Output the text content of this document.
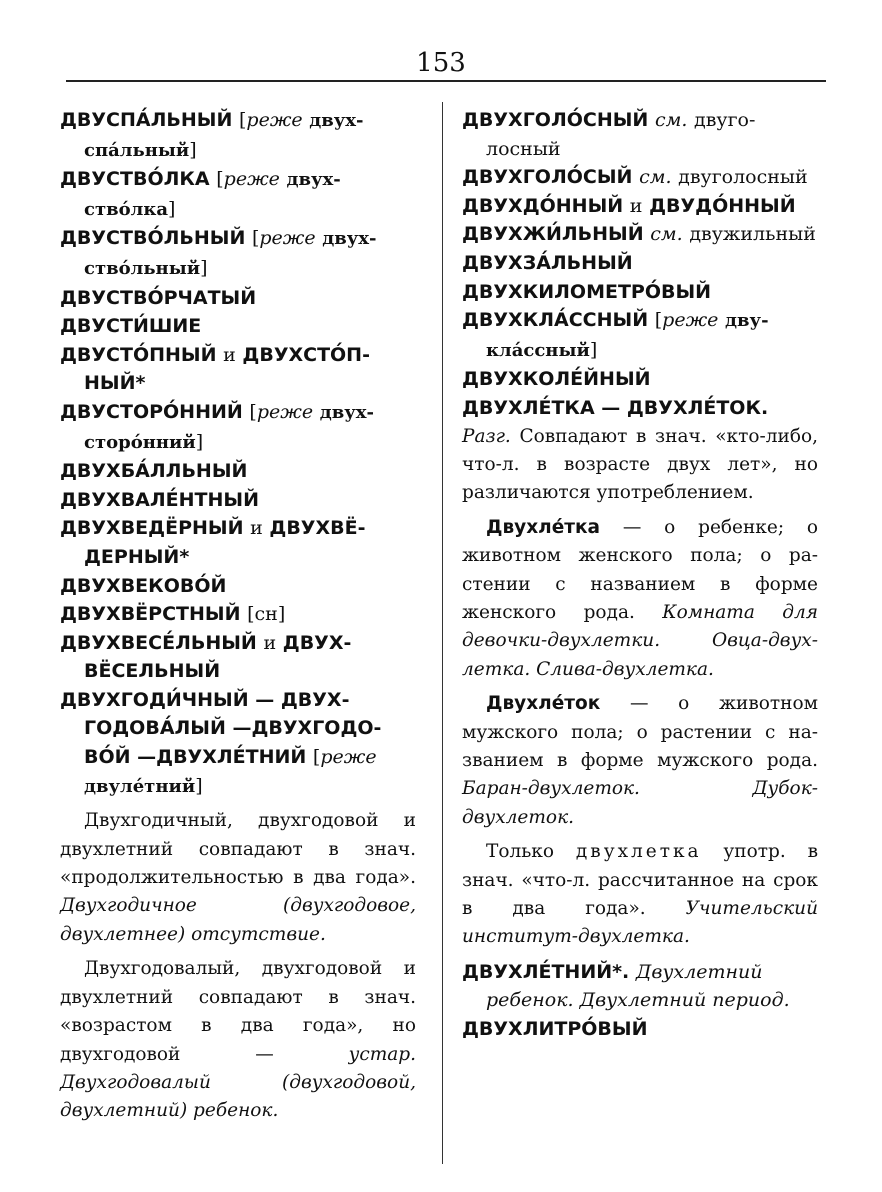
153

ДВУСПА́ЛЬНЫЙ [реже двухспа́льный]

ДВУСТВО́ЛКА [реже двухство́лка]

ДВУСТВО́ЛЬНЫЙ [реже двухство́льный]

ДВУСТВО́РЧАТЫЙ

ДВУСТИ́ШИЕ

ДВУСТО́ПНЫЙ и ДВУХСТО́ПНЫЙ*

ДВУСТОРО́ННИЙ [реже двухсторо́нний]

ДВУХБА́ЛЛЬНЫЙ

ДВУХВАЛЕ́НТНЫЙ

ДВУХВЕДЁРНЫЙ и ДВУХВЁДЕРНЫЙ*

ДВУХВЕКОВО́Й

ДВУХВЁРСТНЫЙ [сн]

ДВУХВЕСЕ́ЛЬНЫЙ и ДВУХВЁСЕЛЬНЫЙ

ДВУХГОДИ́ЧНЫЙ — ДВУХГОДОВА́ЛЫЙ —ДВУХГОДОВО́Й —ДВУХЛЕ́ТНИЙ [реже двуле́тний]

Двухгодичный, двухгодовой и двухлетний совпадают в знач. «продолжительностью в два года». Двухгодичное (двухгодовое, двухлетнее) отсутствие.

Двухгодовалый, двухгодовой и двухлетний совпадают в знач. «возрастом в два года», но двухгодовой —	устар. Двухгодовалый (двухгодовой, двухлетний) ребенок.

ДВУХГОЛО́СНЫЙ см. двуголосный

ДВУХГОЛО́СЫЙ см. двуголосный

ДВУХДО́ННЫЙ и ДВУДО́ННЫЙ

ДВУХЖИ́ЛЬНЫЙ см. двужильный

ДВУХЗА́ЛЬНЫЙ

ДВУХКИЛОМЕТРО́ВЫЙ

ДВУХКЛА́ССНЫЙ [реже двукла́ссный]

ДВУХКОЛЕ́ЙНЫЙ

ДВУХЛЕ́ТКА — ДВУХЛЕ́ТОК.

Разг. Совпадают в знач. «кто-либо, что-л. в возрасте двух лет», но различаются употреблением.

Двухле́тка — о ребенке; о животном женского пола; о растении с названием в форме женского рода. Комната для девочки-двухлетки. Овца-двухлетка. Слива-двухлетка.

Двухле́ток — о животном мужского пола; о растении с названием в форме мужского рода. Баран-двухлеток. Дубок-двухлеток.

Только двухлетка употр. в знач. «что-л. рассчитанное на срок в два года». Учительский институт-двухлетка.

ДВУХЛЕ́ТНИЙ*. Двухлетний ребенок. Двухлетний период.

ДВУХЛИТРО́ВЫЙ
